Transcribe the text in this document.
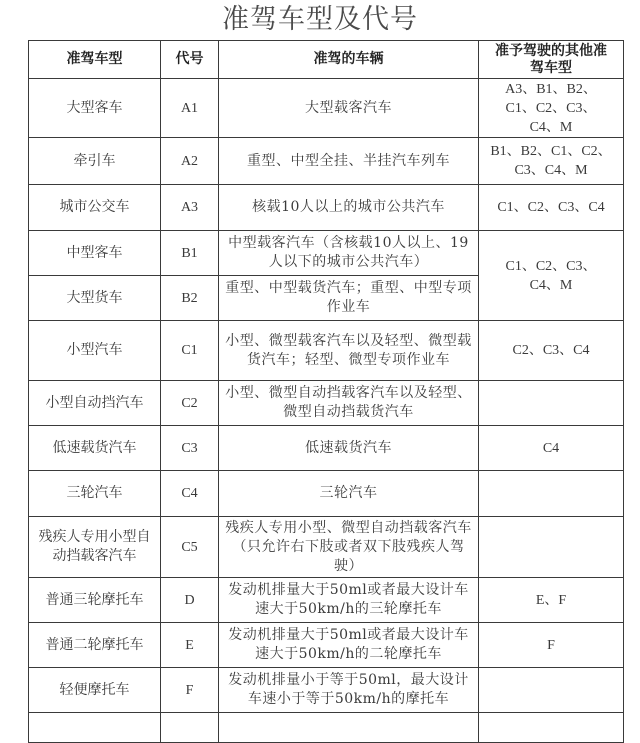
准驾车型及代号
准驾车型	代号	准驾的车辆	准予驾驶的其他准驾车型
大型客车	A1	大型载客汽车	A3、B1、B2、C1、C2、C3、C4、M
牵引车	A2	重型、中型全挂、半挂汽车列车	B1、B2、C1、C2、C3、C4、M
城市公交车	A3	核载10人以上的城市公共汽车	C1、C2、C3、C4
中型客车	B1	中型载客汽车（含核载10人以上、19人以下的城市公共汽车）	C1、C2、C3、C4、M
大型货车	B2	重型、中型载货汽车；重型、中型专项作业车	
小型汽车	C1	小型、微型载客汽车以及轻型、微型载货汽车；轻型、微型专项作业车	C2、C3、C4
小型自动挡汽车	C2	小型、微型自动挡载客汽车以及轻型、微型自动挡载货汽车	
低速载货汽车	C3	低速载货汽车	C4
三轮汽车	C4	三轮汽车	
残疾人专用小型自动挡载客汽车	C5	残疾人专用小型、微型自动挡载客汽车（只允许右下肢或者双下肢残疾人驾驶）	
普通三轮摩托车	D	发动机排量大于50ml或者最大设计车速大于50km/h的三轮摩托车	E、F
普通二轮摩托车	E	发动机排量大于50ml或者最大设计车速大于50km/h的二轮摩托车	F
轻便摩托车	F	发动机排量小于等于50ml，最大设计车速小于等于50km/h的摩托车	
